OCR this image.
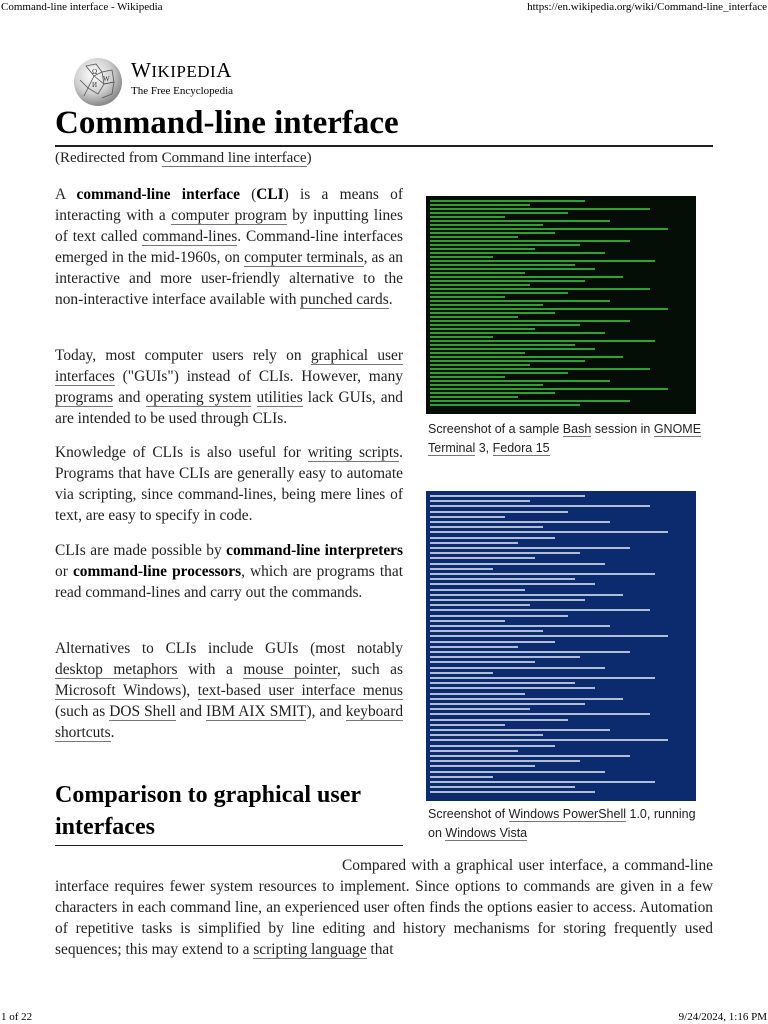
Command-line interface - Wikipedia	https://en.wikipedia.org/wiki/Command-line_interface
Ω
W
И
WIKIPEDIA
The Free Encyclopedia
Command-line interface
(Redirected from Command line interface)

A command-line interface (CLI) is a means of interacting with a computer program by inputting lines of text called command-lines. Command-line interfaces emerged in the mid-1960s, on computer terminals, as an interactive and more user-friendly alternative to the non-interactive interface available with punched cards.

Today, most computer users rely on graphical user interfaces ("GUIs") instead of CLIs. However, many programs and operating system utilities lack GUIs, and are intended to be used through CLIs.

Knowledge of CLIs is also useful for writing scripts. Programs that have CLIs are generally easy to automate via scripting, since command-lines, being mere lines of text, are easy to specify in code.

CLIs are made possible by command-line interpreters or command-line processors, which are programs that read command-lines and carry out the commands.

Alternatives to CLIs include GUIs (most notably desktop metaphors with a mouse pointer, such as Microsoft Windows), text-based user interface menus (such as DOS Shell and IBM AIX SMIT), and keyboard shortcuts.

Comparison to graphical user interfaces
Compared with a graphical user interface, a command-line interface requires fewer system resources to implement. Since options to commands are given in a few characters in each command line, an experienced user often finds the options easier to access. Automation of repetitive tasks is simplified by line editing and history mechanisms for storing frequently used sequences; this may extend to a scripting language that
Screenshot of a sample Bash session in GNOME Terminal 3, Fedora 15
Screenshot of Windows PowerShell 1.0, running on Windows Vista
1 of 22	9/24/2024, 1:16 PM
